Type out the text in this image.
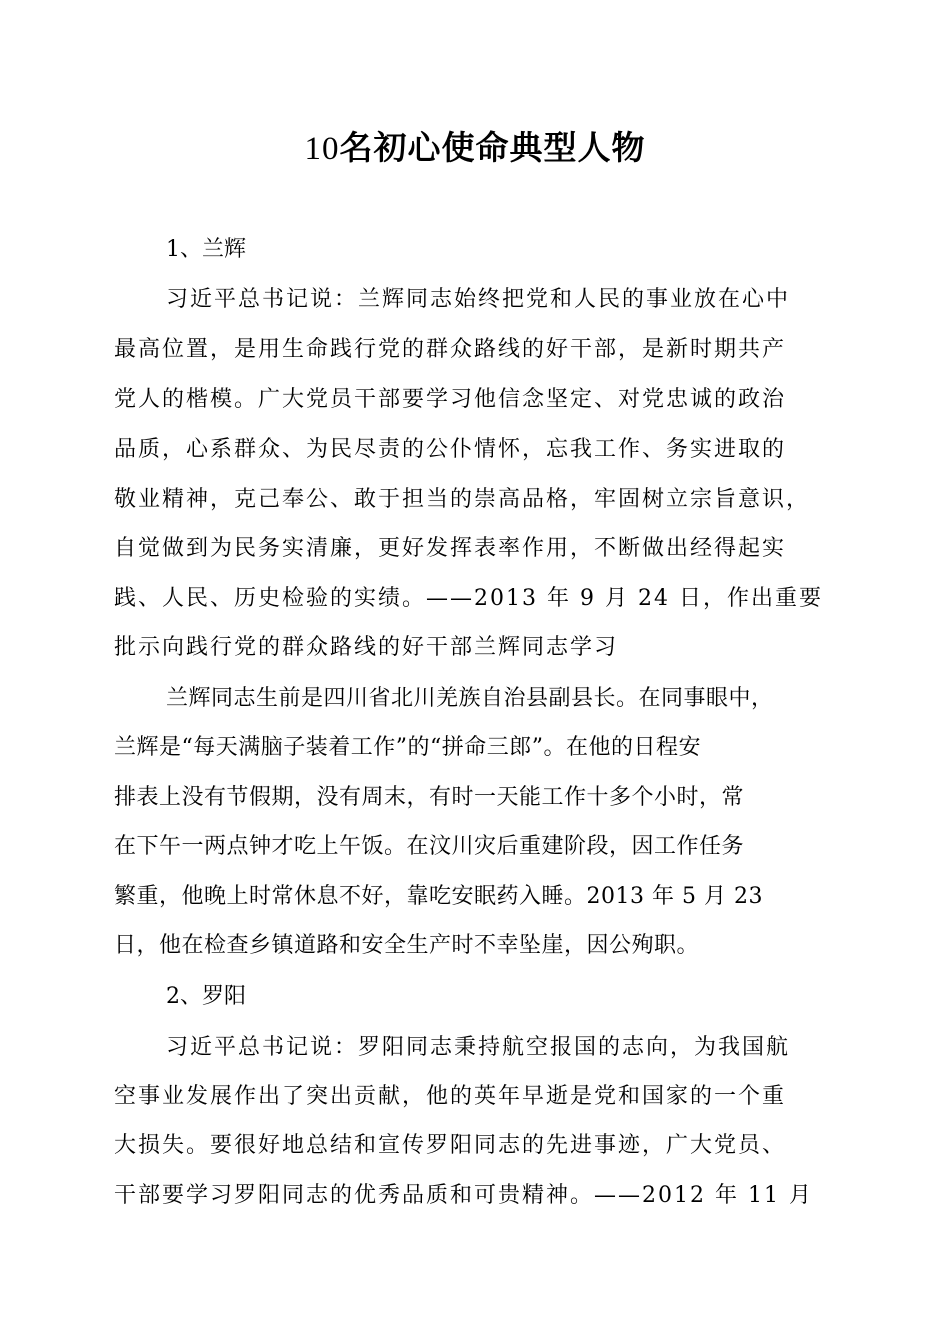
10名初心使命典型人物
1、兰辉
习近平总书记说：兰辉同志始终把党和人民的事业放在心中
最高位置，是用生命践行党的群众路线的好干部，是新时期共产
党人的楷模。广大党员干部要学习他信念坚定、对党忠诚的政治
品质，心系群众、为民尽责的公仆情怀，忘我工作、务实进取的
敬业精神，克己奉公、敢于担当的崇高品格，牢固树立宗旨意识，
自觉做到为民务实清廉，更好发挥表率作用，不断做出经得起实
践、人民、历史检验的实绩。——2013 年 9 月 24 日，作出重要
批示向践行党的群众路线的好干部兰辉同志学习
兰辉同志生前是四川省北川羌族自治县副县长。在同事眼中，
兰辉是“每天满脑子装着工作”的“拼命三郎”。在他的日程安
排表上没有节假期，没有周末，有时一天能工作十多个小时，常
在下午一两点钟才吃上午饭。在汶川灾后重建阶段，因工作任务
繁重，他晚上时常休息不好，靠吃安眠药入睡。2013 年 5 月 23
日，他在检查乡镇道路和安全生产时不幸坠崖，因公殉职。
2、罗阳
习近平总书记说：罗阳同志秉持航空报国的志向，为我国航
空事业发展作出了突出贡献，他的英年早逝是党和国家的一个重
大损失。要很好地总结和宣传罗阳同志的先进事迹，广大党员、
干部要学习罗阳同志的优秀品质和可贵精神。——2012 年 11 月
